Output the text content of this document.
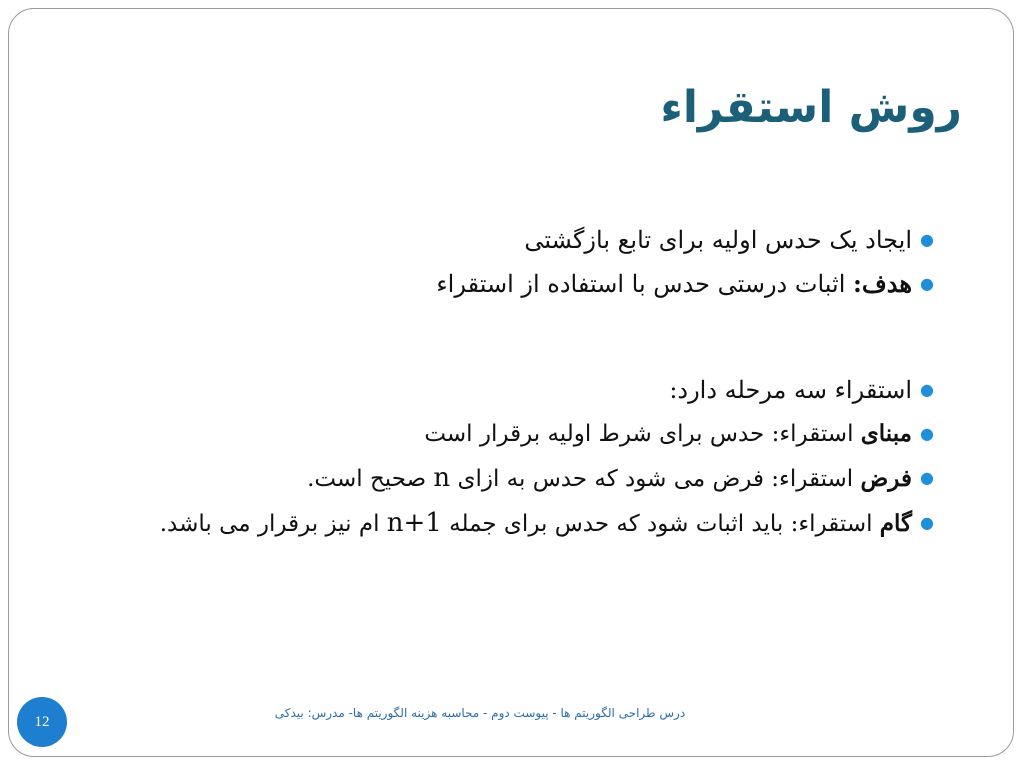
روش استقراء
●
ایجاد یک حدس اولیه برای تابع بازگشتی
●
هدف: اثبات درستی حدس با استفاده از استقراء
●
استقراء سه مرحله دارد:
●
مبنای استقراء: حدس برای شرط اولیه برقرار است
●
فرض استقراء: فرض می شود که حدس به ازای n صحیح است.
●
گام استقراء: باید اثبات شود که حدس برای جمله n+1 ام نیز برقرار می باشد.
درس طراحی الگوریتم ها - پیوست دوم - محاسبه هزینه الگوریتم ها- مدرس: بیدکی
12
